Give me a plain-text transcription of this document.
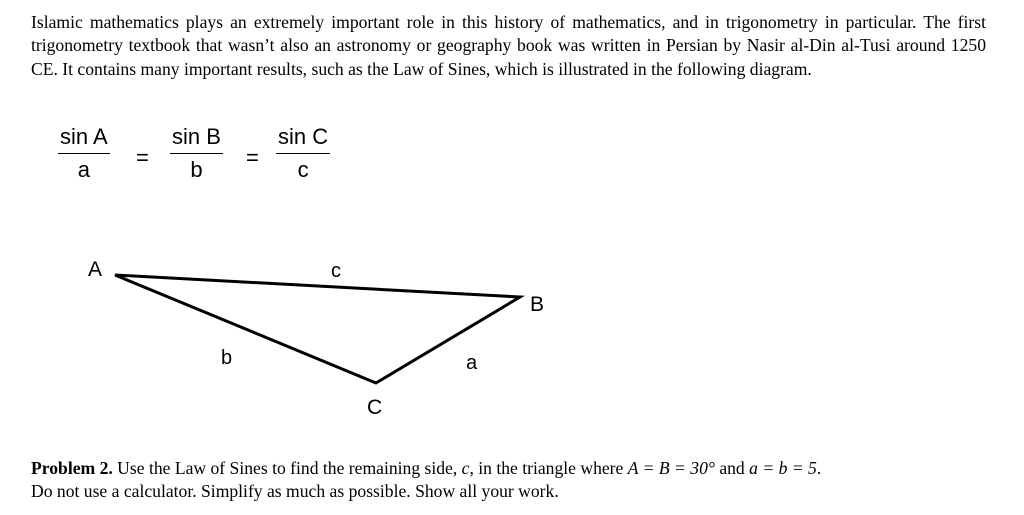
Islamic mathematics plays an extremely important role in this history of mathematics, and in trigonometry in particular. The first trigonometry textbook that wasn’t also an astronomy or geography book was written in Persian by Nasir al-Din al-Tusi around 1250 CE. It contains many important results, such as the Law of Sines, which is illustrated in the following diagram.

$\frac{\text{sin A}}{a} = \frac{\text{sin B}}{b} = \frac{\text{sin C}}{c}$
A
B
C
c
b	a

Problem 2. Use the Law of Sines to find the remaining side, c, in the triangle where A = B = 30° and a = b = 5.
Do not use a calculator. Simplify as much as possible. Show all your work.
